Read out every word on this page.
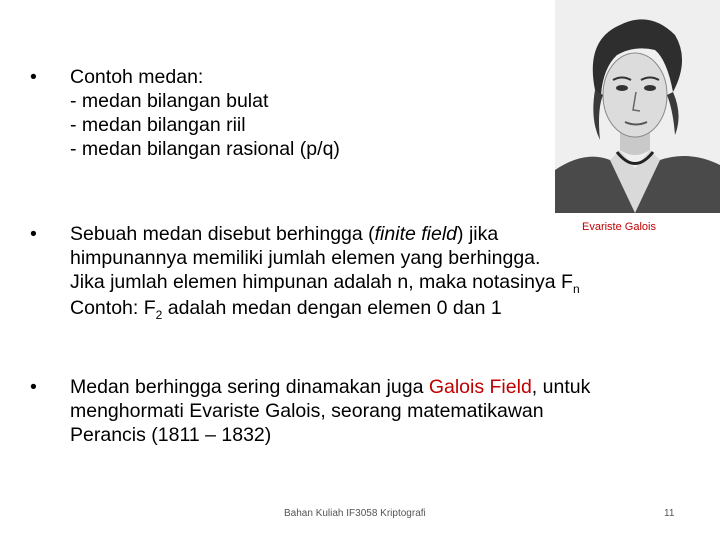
• Contoh medan:
- medan bilangan bulat
- medan bilangan riil
- medan bilangan rasional (p/q)
Evariste Galois
• Sebuah medan disebut berhingga (finite field) jika
himpunannya memiliki jumlah elemen yang berhingga.
Jika jumlah elemen himpunan adalah n, maka notasinya $F_n$
Contoh: $F_2$ adalah medan dengan elemen 0 dan 1
• Medan berhingga sering dinamakan juga Galois Field, untuk
menghormati Evariste Galois, seorang matematikawan
Perancis (1811 – 1832)
Bahan Kuliah IF3058 Kriptografi	11
